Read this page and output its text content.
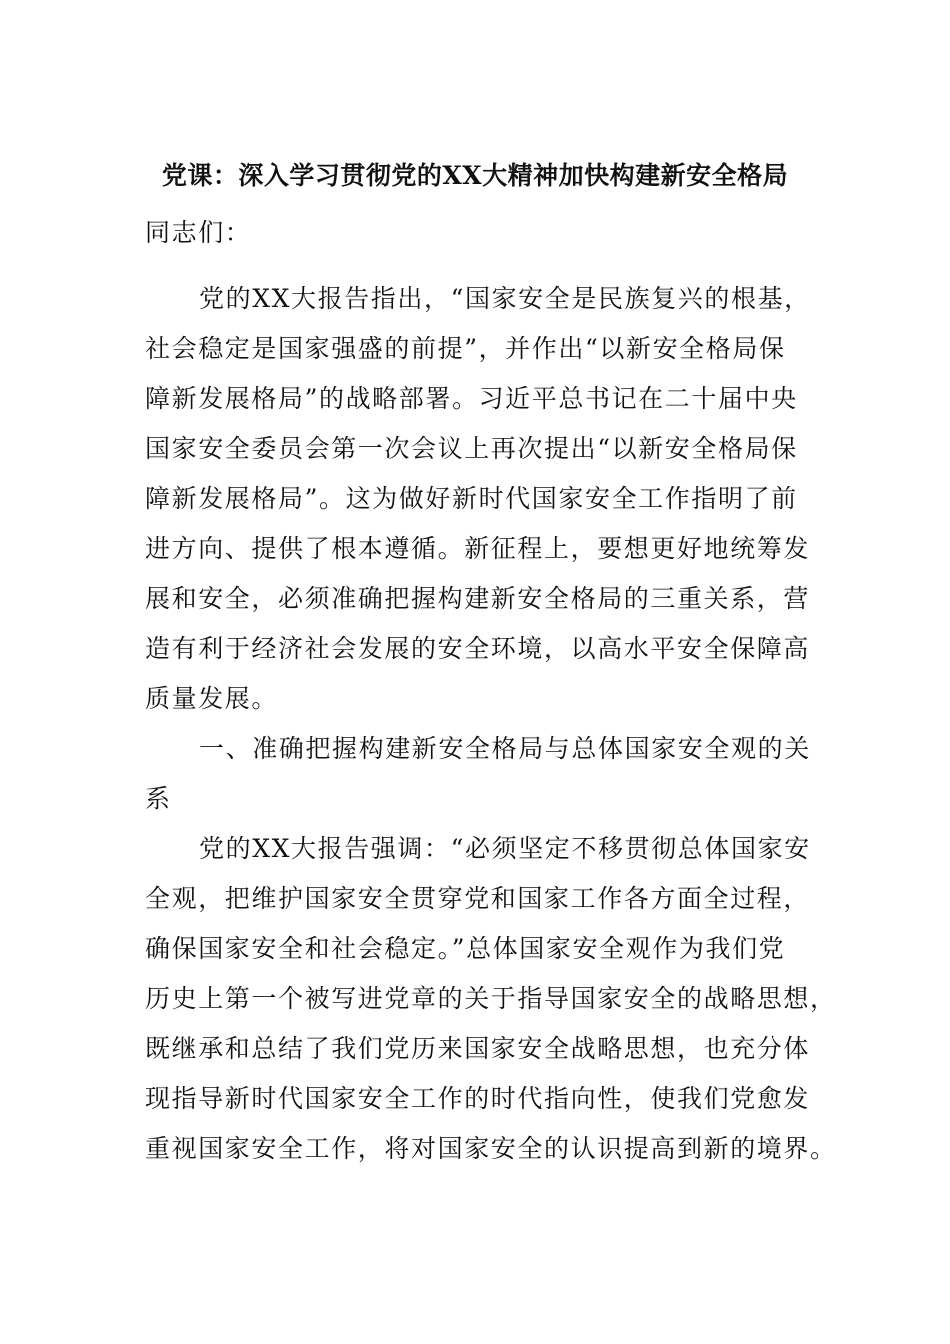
党课：深入学习贯彻党的XX大精神加快构建新安全格局
同志们：
党的XX大报告指出，“国家安全是民族复兴的根基，
社会稳定是国家强盛的前提”，并作出“以新安全格局保
障新发展格局”的战略部署。习近平总书记在二十届中央
国家安全委员会第一次会议上再次提出“以新安全格局保
障新发展格局”。这为做好新时代国家安全工作指明了前
进方向、提供了根本遵循。新征程上，要想更好地统筹发
展和安全，必须准确把握构建新安全格局的三重关系，营
造有利于经济社会发展的安全环境，以高水平安全保障高
质量发展。
一、准确把握构建新安全格局与总体国家安全观的关
系
党的XX大报告强调：“必须坚定不移贯彻总体国家安
全观，把维护国家安全贯穿党和国家工作各方面全过程，
确保国家安全和社会稳定。”总体国家安全观作为我们党
历史上第一个被写进党章的关于指导国家安全的战略思想，
既继承和总结了我们党历来国家安全战略思想，也充分体
现指导新时代国家安全工作的时代指向性，使我们党愈发
重视国家安全工作，将对国家安全的认识提高到新的境界。
